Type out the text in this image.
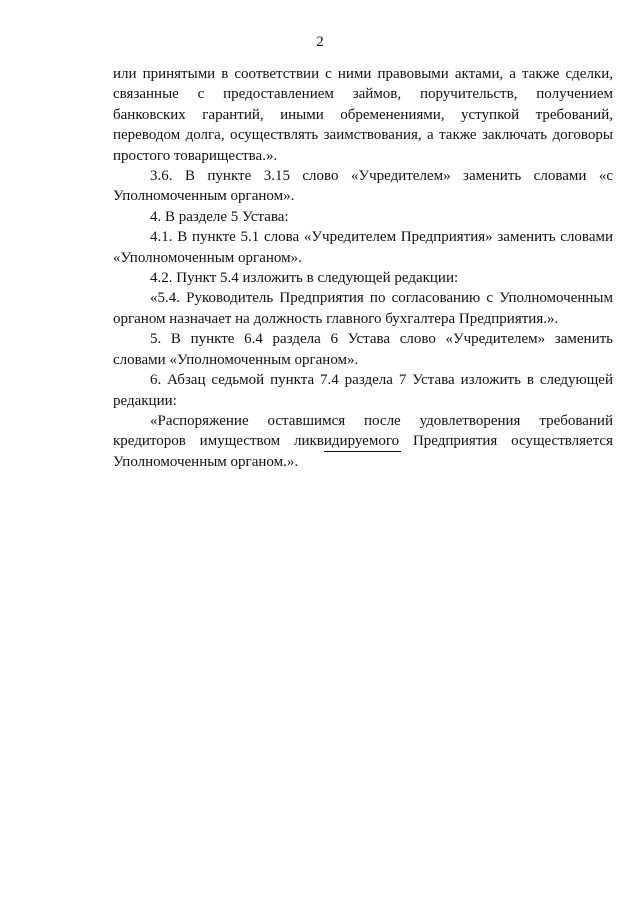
2

или принятыми в соответствии с ними правовыми актами, а также сделки, связанные с предоставлением займов, поручительств, получением банковских гарантий, иными обременениями, уступкой требований, переводом долга, осуществлять заимствования, а также заключать договоры простого товарищества.».

3.6. В пункте 3.15 слово «Учредителем» заменить словами «с Уполномоченным органом».

4. В разделе 5 Устава:

4.1. В пункте 5.1 слова «Учредителем Предприятия» заменить словами «Уполномоченным органом».

4.2. Пункт 5.4 изложить в следующей редакции:

«5.4. Руководитель Предприятия по согласованию с Уполномоченным органом назначает на должность главного бухгалтера Предприятия.».

5. В пункте 6.4 раздела 6 Устава слово «Учредителем» заменить словами «Уполномоченным органом».

6. Абзац седьмой пункта 7.4 раздела 7 Устава изложить в следующей редакции:

«Распоряжение оставшимся после удовлетворения требований кредиторов имуществом ликвидируемого Предприятия осуществляется Уполномоченным органом.».
